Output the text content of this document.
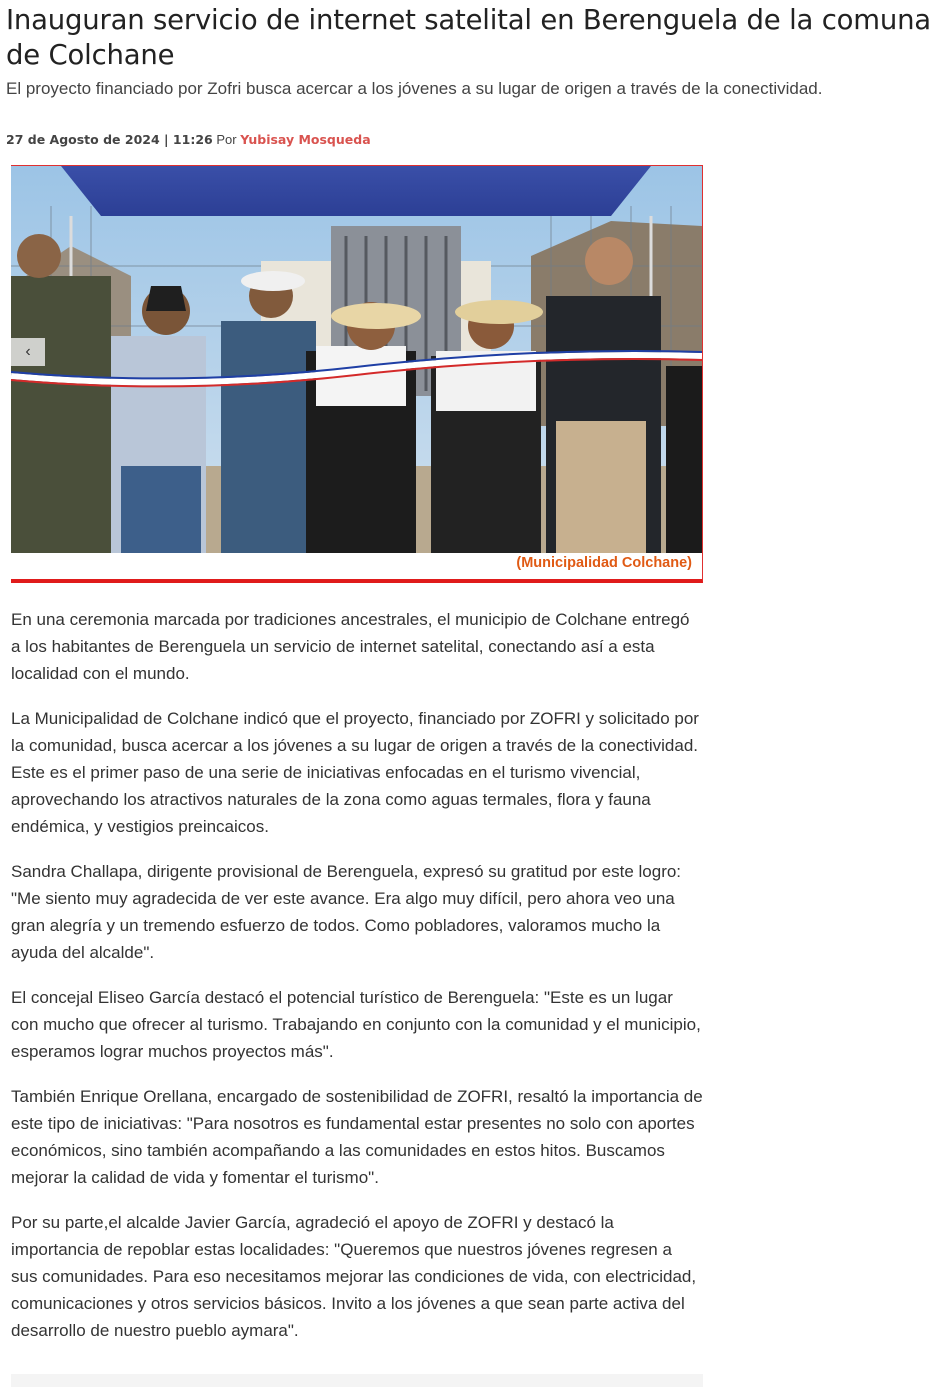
Inauguran servicio de internet satelital en Berenguela de la comuna de Colchane

El proyecto financiado por Zofri busca acercar a los jóvenes a su lugar de origen a través de la conectividad.

27 de Agosto de 2024 | 11:26 Por Yubisay Mosqueda
‹
(Municipalidad Colchane)

En una ceremonia marcada por tradiciones ancestrales, el municipio de Colchane entregó a los habitantes de Berenguela un servicio de internet satelital, conectando así a esta localidad con el mundo.

La Municipalidad de Colchane indicó que el proyecto, financiado por ZOFRI y solicitado por la comunidad, busca acercar a los jóvenes a su lugar de origen a través de la conectividad. Este es el primer paso de una serie de iniciativas enfocadas en el turismo vivencial, aprovechando los atractivos naturales de la zona como aguas termales, flora y fauna endémica, y vestigios preincaicos.

Sandra Challapa, dirigente provisional de Berenguela, expresó su gratitud por este logro: "Me siento muy agradecida de ver este avance. Era algo muy difícil, pero ahora veo una gran alegría y un tremendo esfuerzo de todos. Como pobladores, valoramos mucho la ayuda del alcalde".

El concejal Eliseo García destacó el potencial turístico de Berenguela: "Este es un lugar con mucho que ofrecer al turismo. Trabajando en conjunto con la comunidad y el municipio, esperamos lograr muchos proyectos más".

También Enrique Orellana, encargado de sostenibilidad de ZOFRI, resaltó la importancia de este tipo de iniciativas: "Para nosotros es fundamental estar presentes no solo con aportes económicos, sino también acompañando a las comunidades en estos hitos. Buscamos mejorar la calidad de vida y fomentar el turismo".

Por su parte,el alcalde Javier García, agradeció el apoyo de ZOFRI y destacó la importancia de repoblar estas localidades: "Queremos que nuestros jóvenes regresen a sus comunidades. Para eso necesitamos mejorar las condiciones de vida, con electricidad, comunicaciones y otros servicios básicos. Invito a los jóvenes a que sean parte activa del desarrollo de nuestro pueblo aymara".
